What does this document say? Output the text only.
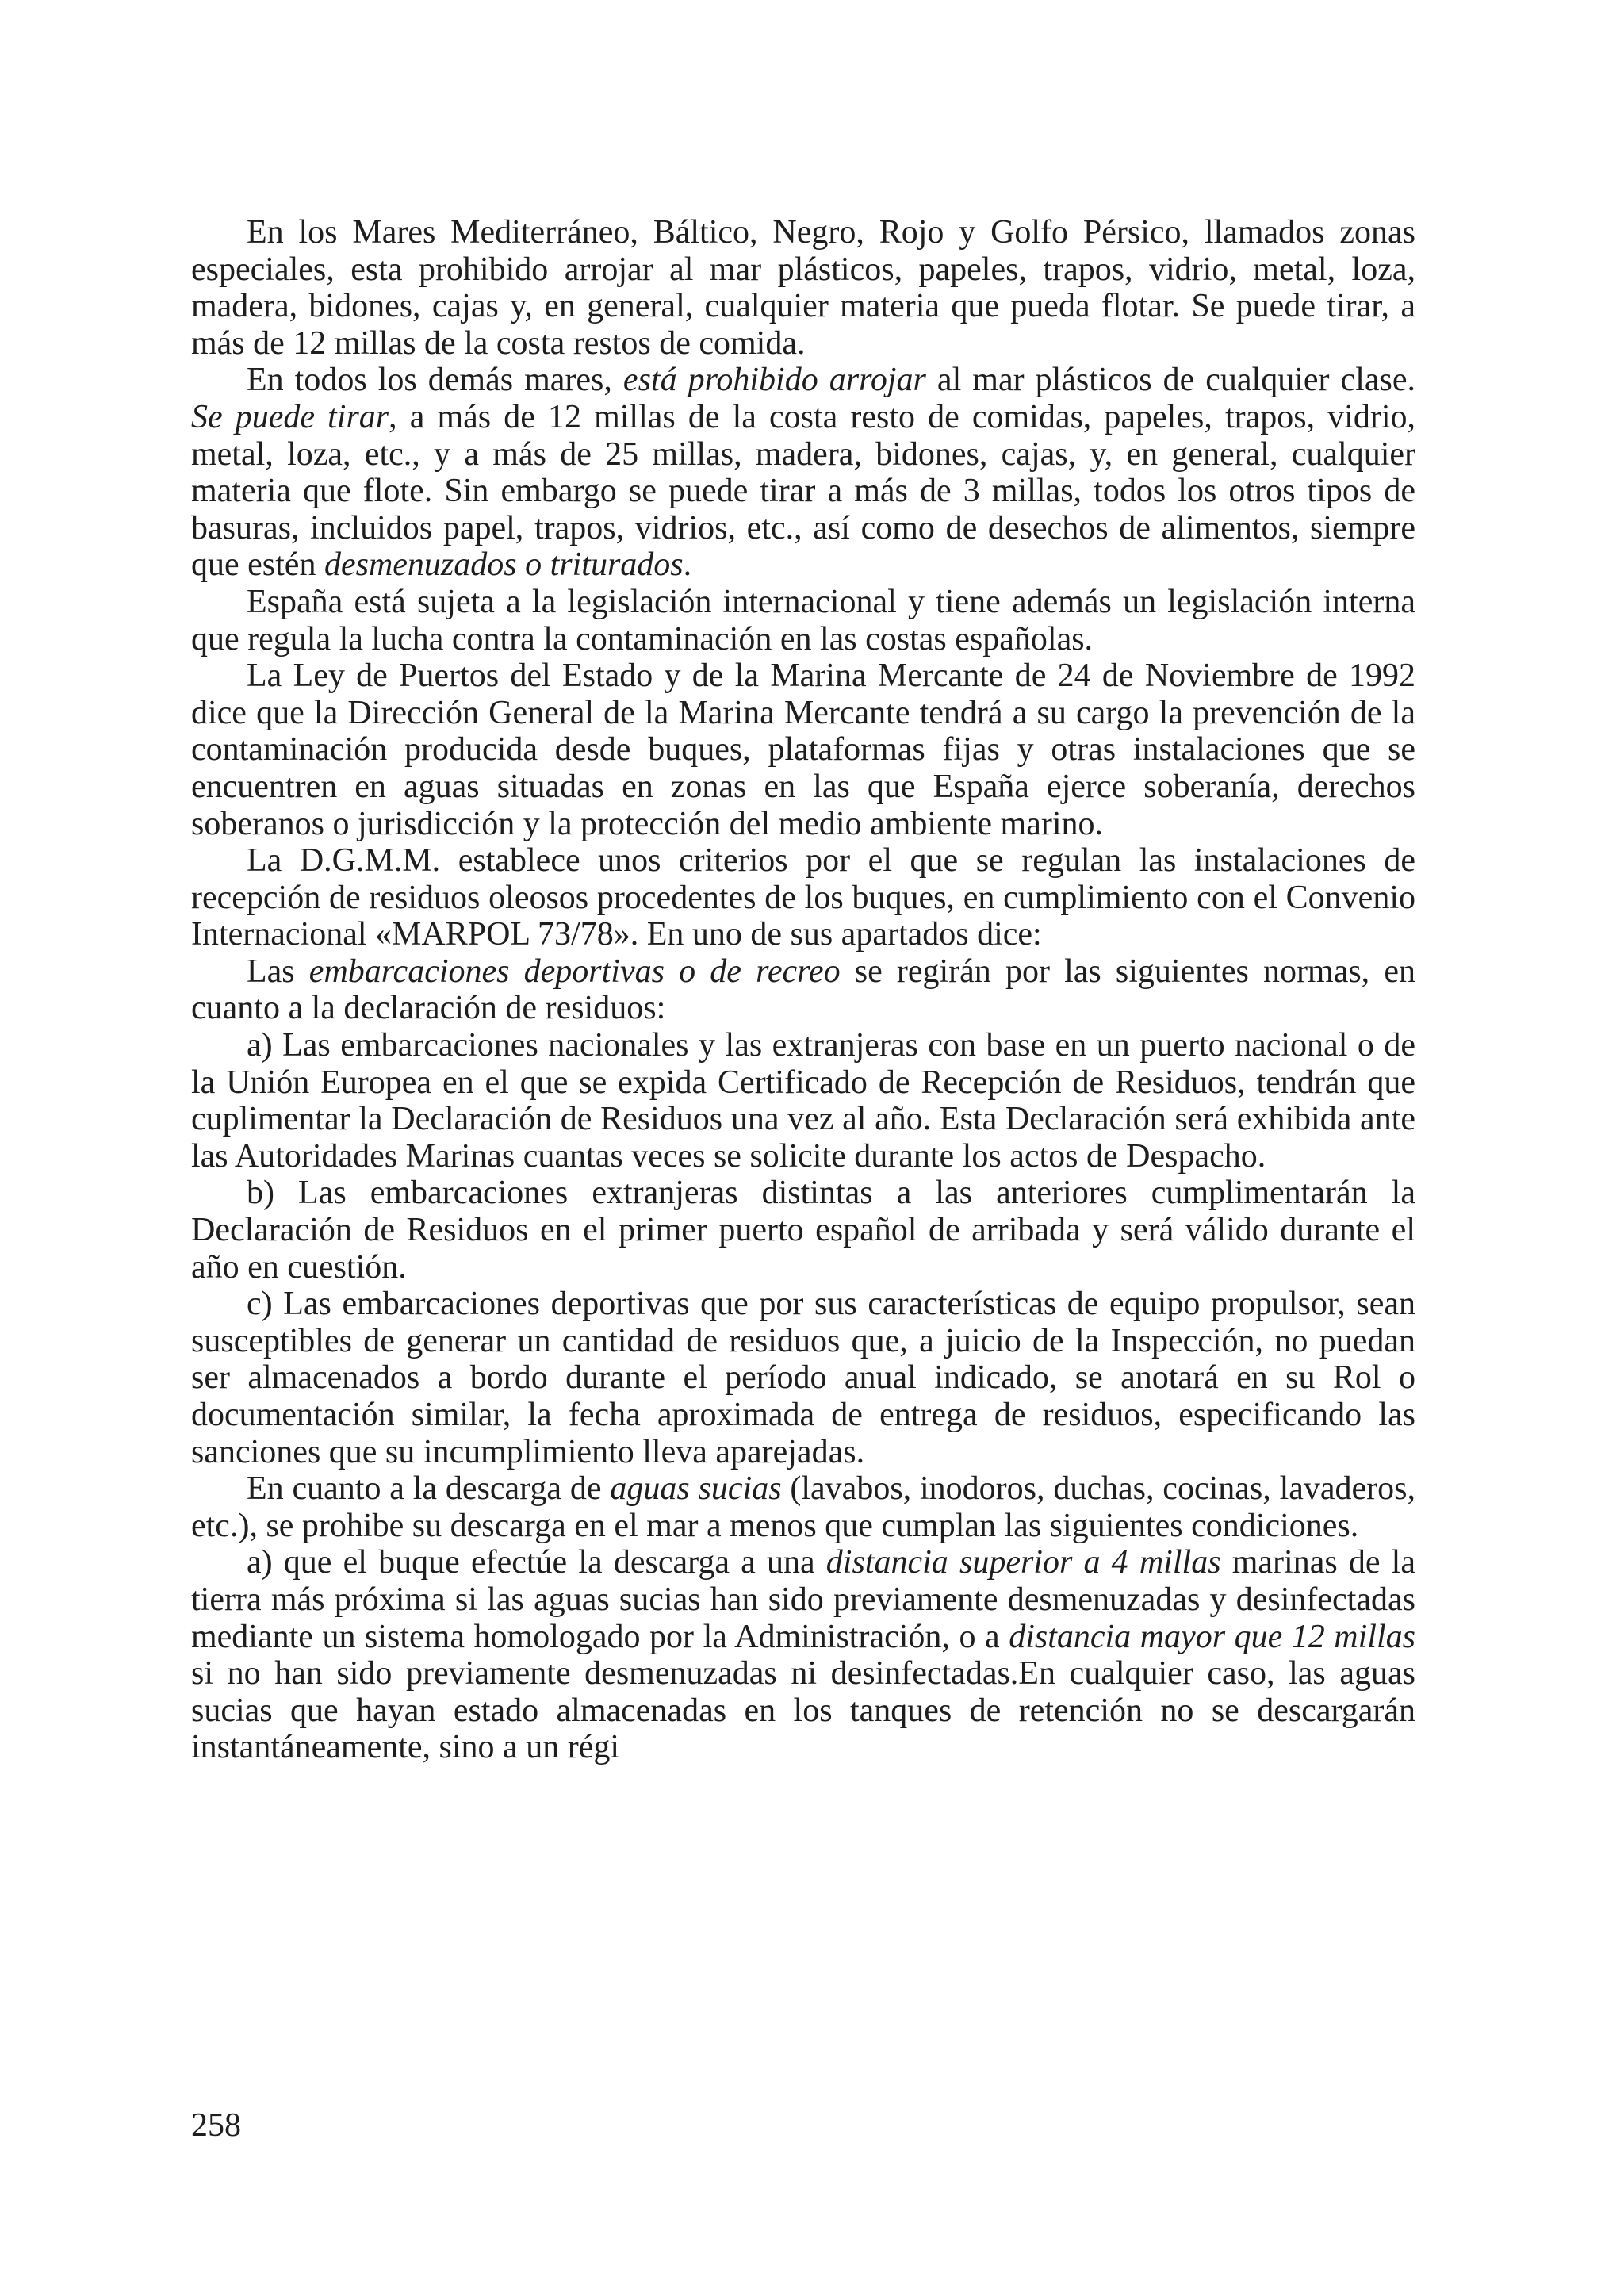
En los Mares Mediterráneo, Báltico, Negro, Rojo y Golfo Pérsico, llamados zonas especiales, esta prohibido arrojar al mar plásticos, papeles, trapos, vidrio, metal, loza, madera, bidones, cajas y, en general, cualquier materia que pueda flotar. Se puede tirar, a más de 12 millas de la costa restos de comida.

En todos los demás mares, está prohibido arrojar al mar plásticos de cualquier clase. Se puede tirar, a más de 12 millas de la costa resto de comidas, papeles, trapos, vidrio, metal, loza, etc., y a más de 25 millas, madera, bidones, cajas, y, en general, cualquier materia que flote. Sin embargo se puede tirar a más de 3 millas, todos los otros tipos de basuras, incluidos papel, trapos, vidrios, etc., así como de desechos de alimentos, siempre que estén desmenuzados o triturados.

España está sujeta a la legislación internacional y tiene además un legislación interna que regula la lucha contra la contaminación en las costas españolas.

La Ley de Puertos del Estado y de la Marina Mercante de 24 de Noviembre de 1992 dice que la Dirección General de la Marina Mercante tendrá a su cargo la prevención de la contaminación producida desde buques, plataformas fijas y otras instalaciones que se encuentren en aguas situadas en zonas en las que España ejerce soberanía, derechos soberanos o jurisdicción y la protección del medio ambiente marino.

La D.G.M.M. establece unos criterios por el que se regulan las instalaciones de recepción de residuos oleosos procedentes de los buques, en cumplimiento con el Convenio Internacional «MARPOL 73/78». En uno de sus apartados dice:

Las embarcaciones deportivas o de recreo se regirán por las siguientes normas, en cuanto a la declaración de residuos:

a) Las embarcaciones nacionales y las extranjeras con base en un puerto nacional o de la Unión Europea en el que se expida Certificado de Recepción de Residuos, tendrán que cuplimentar la Declaración de Residuos una vez al año. Esta Declaración será exhibida ante las Autoridades Marinas cuantas veces se solicite durante los actos de Despacho.

b) Las embarcaciones extranjeras distintas a las anteriores cumplimentarán la Declaración de Residuos en el primer puerto español de arribada y será válido durante el año en cuestión.

c) Las embarcaciones deportivas que por sus características de equipo propulsor, sean susceptibles de generar un cantidad de residuos que, a juicio de la Inspección, no puedan ser almacenados a bordo durante el período anual indicado, se anotará en su Rol o documentación similar, la fecha aproximada de entrega de residuos, especificando las sanciones que su incumplimiento lleva aparejadas.

En cuanto a la descarga de aguas sucias (lavabos, inodoros, duchas, cocinas, lavaderos, etc.), se prohibe su descarga en el mar a menos que cumplan las siguientes condiciones.

a) que el buque efectúe la descarga a una distancia superior a 4 millas marinas de la tierra más próxima si las aguas sucias han sido previamente desmenuzadas y desinfectadas mediante un sistema homologado por la Administración, o a distancia mayor que 12 millas si no han sido previamente desmenuzadas ni desinfectadas.En cualquier caso, las aguas sucias que hayan estado almacenadas en los tanques de retención no se descargarán instantáneamente, sino a un régi

258
